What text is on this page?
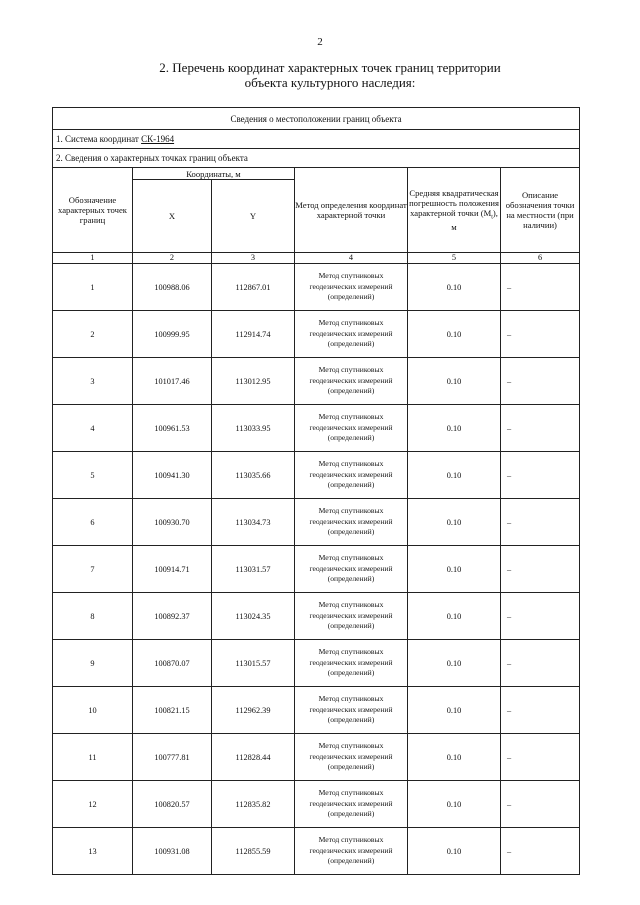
2
2. Перечень координат характерных точек границ территории
объекта культурного наследия:
Сведения о местоположении границ объекта					
1. Система координат СК-1964					
2. Сведения о характерных точках границ объекта					
Обозначение характерных точек границ	Координаты, м		Метод определения координат характерной точки	Средняя квадратическая погрешность положения характерной точки $(M_t)$, м	Описание обозначения точки на местности (при наличии)
	X	Y			
1	2	3	4	5	6
1	100988.06	112867.01	Метод спутниковых геодезических измерений (определений)	0.10	–
2	100999.95	112914.74	Метод спутниковых геодезических измерений (определений)	0.10	–
3	101017.46	113012.95	Метод спутниковых геодезических измерений (определений)	0.10	–
4	100961.53	113033.95	Метод спутниковых геодезических измерений (определений)	0.10	–
5	100941.30	113035.66	Метод спутниковых геодезических измерений (определений)	0.10	–
6	100930.70	113034.73	Метод спутниковых геодезических измерений (определений)	0.10	–
7	100914.71	113031.57	Метод спутниковых геодезических измерений (определений)	0.10	–
8	100892.37	113024.35	Метод спутниковых геодезических измерений (определений)	0.10	–
9	100870.07	113015.57	Метод спутниковых геодезических измерений (определений)	0.10	–
10	100821.15	112962.39	Метод спутниковых геодезических измерений (определений)	0.10	–
11	100777.81	112828.44	Метод спутниковых геодезических измерений (определений)	0.10	–
12	100820.57	112835.82	Метод спутниковых геодезических измерений (определений)	0.10	–
13	100931.08	112855.59	Метод спутниковых геодезических измерений (определений)	0.10	–
